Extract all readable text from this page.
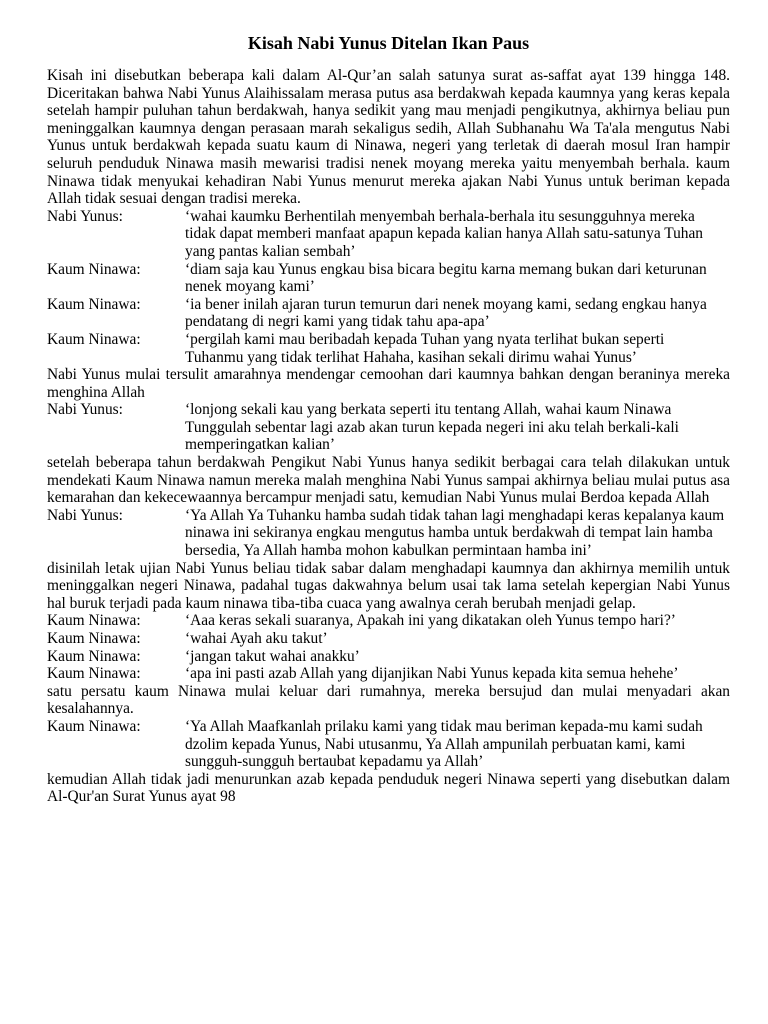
Kisah Nabi Yunus Ditelan Ikan Paus

Kisah ini disebutkan beberapa kali dalam Al-Qur’an salah satunya surat as-saffat ayat 139 hingga 148. Diceritakan bahwa Nabi Yunus Alaihissalam merasa putus asa berdakwah kepada kaumnya yang keras kepala setelah hampir puluhan tahun berdakwah, hanya sedikit yang mau menjadi pengikutnya, akhirnya beliau pun meninggalkan kaumnya dengan perasaan marah sekaligus sedih, Allah Subhanahu Wa Ta'ala mengutus Nabi Yunus untuk berdakwah kepada suatu kaum di Ninawa, negeri yang terletak di daerah mosul Iran hampir seluruh penduduk Ninawa masih mewarisi tradisi nenek moyang mereka yaitu menyembah berhala. kaum Ninawa tidak menyukai kehadiran Nabi Yunus menurut mereka ajakan Nabi Yunus untuk beriman kepada Allah tidak sesuai dengan tradisi mereka.

Nabi Yunus:	‘wahai kaumku Berhentilah menyembah berhala-berhala itu sesungguhnya mereka tidak dapat memberi manfaat apapun kepada kalian hanya Allah satu-satunya Tuhan yang pantas kalian sembah’
Kaum Ninawa:	‘diam saja kau Yunus engkau bisa bicara begitu karna memang bukan dari keturunan nenek moyang kami’
Kaum Ninawa:	‘ia bener inilah ajaran turun temurun dari nenek moyang kami, sedang engkau hanya pendatang di negri kami yang tidak tahu apa-apa’
Kaum Ninawa:	‘pergilah kami mau beribadah kepada Tuhan yang nyata terlihat bukan seperti Tuhanmu yang tidak terlihat Hahaha, kasihan sekali dirimu wahai Yunus’

Nabi Yunus mulai tersulit amarahnya mendengar cemoohan dari kaumnya bahkan dengan beraninya mereka menghina Allah

Nabi Yunus:	‘lonjong sekali kau yang berkata seperti itu tentang Allah, wahai kaum Ninawa Tunggulah sebentar lagi azab akan turun kepada negeri ini aku telah berkali-kali memperingatkan kalian’

setelah beberapa tahun berdakwah Pengikut Nabi Yunus hanya sedikit berbagai cara telah dilakukan untuk mendekati Kaum Ninawa namun mereka malah menghina Nabi Yunus sampai akhirnya beliau mulai putus asa kemarahan dan kekecewaannya bercampur menjadi satu, kemudian Nabi Yunus mulai Berdoa kepada Allah

Nabi Yunus:	‘Ya Allah Ya Tuhanku hamba sudah tidak tahan lagi menghadapi keras kepalanya kaum ninawa ini sekiranya engkau mengutus hamba untuk berdakwah di tempat lain hamba bersedia, Ya Allah hamba mohon kabulkan permintaan hamba ini’

disinilah letak ujian Nabi Yunus beliau tidak sabar dalam menghadapi kaumnya dan akhirnya memilih untuk meninggalkan negeri Ninawa, padahal tugas dakwahnya belum usai tak lama setelah kepergian Nabi Yunus hal buruk terjadi pada kaum ninawa tiba-tiba cuaca yang awalnya cerah berubah menjadi gelap.

Kaum Ninawa:	‘Aaa keras sekali suaranya, Apakah ini yang dikatakan oleh Yunus tempo hari?’
Kaum Ninawa:	‘wahai Ayah aku takut’
Kaum Ninawa:	‘jangan takut wahai anakku’
Kaum Ninawa:	‘apa ini pasti azab Allah yang dijanjikan Nabi Yunus kepada kita semua hehehe’

satu persatu kaum Ninawa mulai keluar dari rumahnya, mereka bersujud dan mulai menyadari akan kesalahannya.

Kaum Ninawa:	‘Ya Allah Maafkanlah prilaku kami yang tidak mau beriman kepada-mu kami sudah dzolim kepada Yunus, Nabi utusanmu, Ya Allah ampunilah perbuatan kami, kami sungguh-sungguh bertaubat kepadamu ya Allah’

kemudian Allah tidak jadi menurunkan azab kepada penduduk negeri Ninawa seperti yang disebutkan dalam Al-Qur'an Surat Yunus ayat 98
